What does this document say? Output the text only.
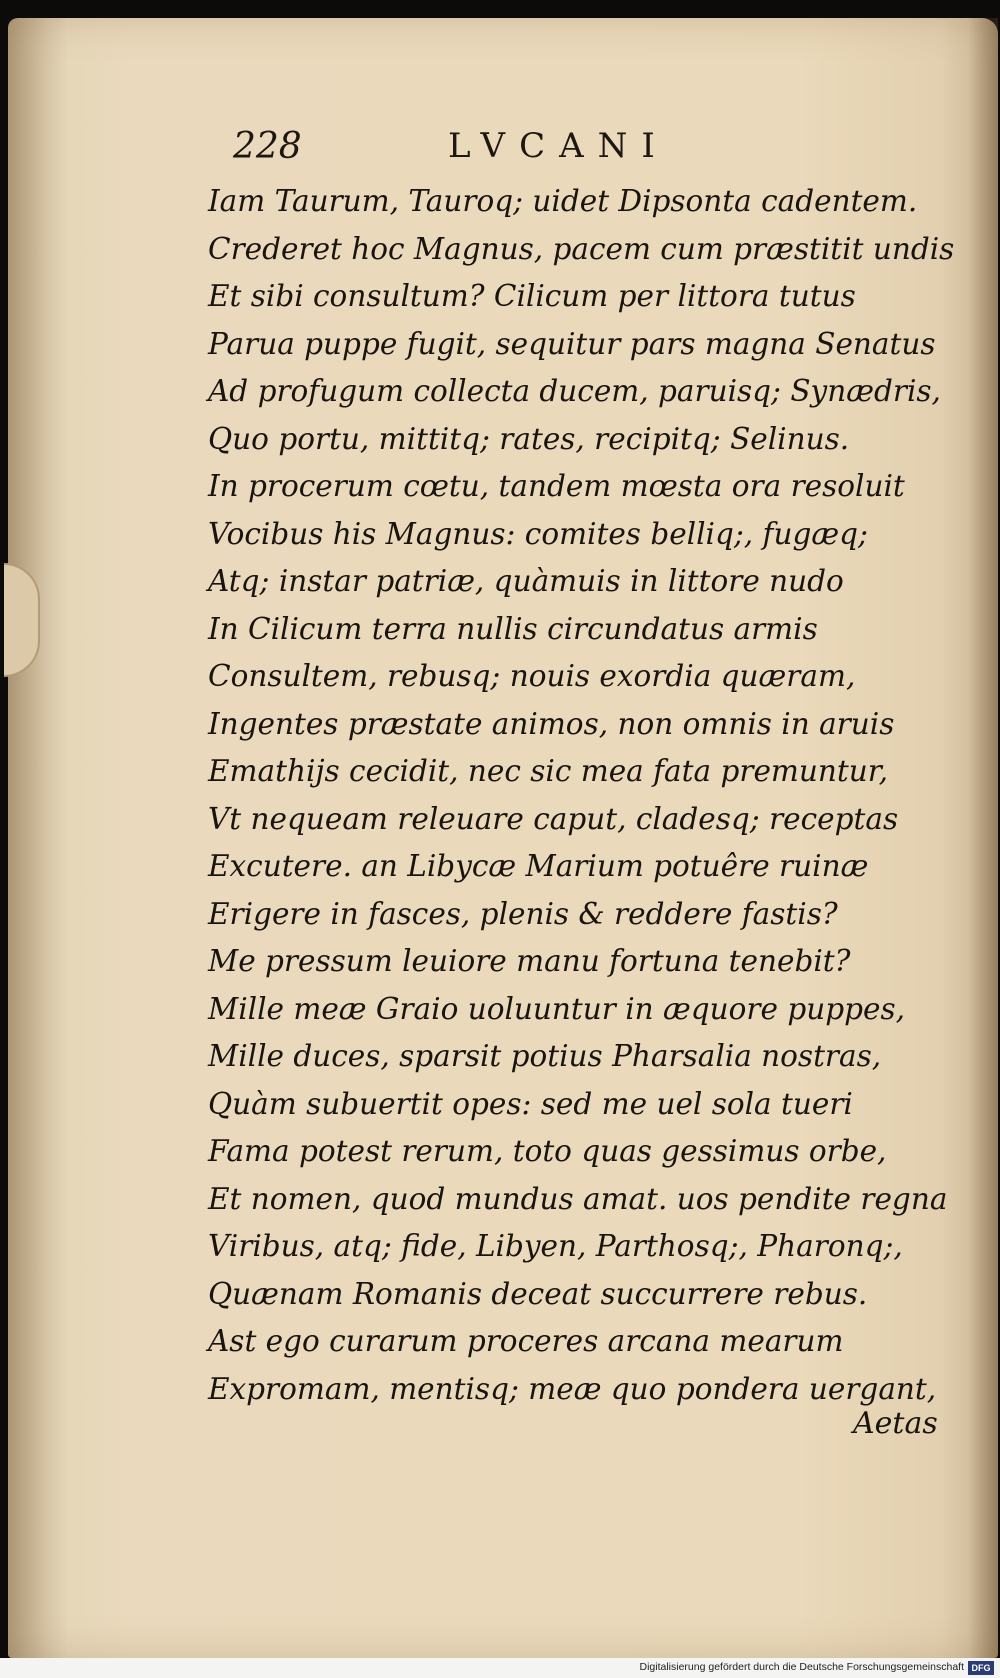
228	LVCANI
Iam Taurum, Tauroq; uidet Dipsonta cadentem.
Crederet hoc Magnus, pacem cum præstitit undis
Et sibi consultum? Cilicum per littora tutus
Parua puppe fugit, sequitur pars magna Senatus
Ad profugum collecta ducem, paruisq; Synædris,
Quo portu, mittitq; rates, recipitq; Selinus.
In procerum cœtu, tandem mœsta ora resoluit
Vocibus his Magnus: comites belliq;, fugæq;
Atq; instar patriæ, quàmuis in littore nudo
In Cilicum terra nullis circundatus armis
Consultem, rebusq; nouis exordia quæram,
Ingentes præstate animos, non omnis in aruis
Emathijs cecidit, nec sic mea fata premuntur,
Vt nequeam releuare caput, cladesq; receptas
Excutere. an Libycæ Marium potuêre ruinæ
Erigere in fasces, plenis & reddere fastis?
Me pressum leuiore manu fortuna tenebit?
Mille meæ Graio uoluuntur in æquore puppes,
Mille duces, sparsit potius Pharsalia nostras,
Quàm subuertit opes: sed me uel sola tueri
Fama potest rerum, toto quas gessimus orbe,
Et nomen, quod mundus amat. uos pendite regna
Viribus, atq; fide, Libyen, Parthosq;, Pharonq;,
Quænam Romanis deceat succurrere rebus.
Ast ego curarum proceres arcana mearum
Expromam, mentisq; meæ quo pondera uergant,
Aetas
Digitalisierung gefördert durch die Deutsche Forschungsgemeinschaft DFG
